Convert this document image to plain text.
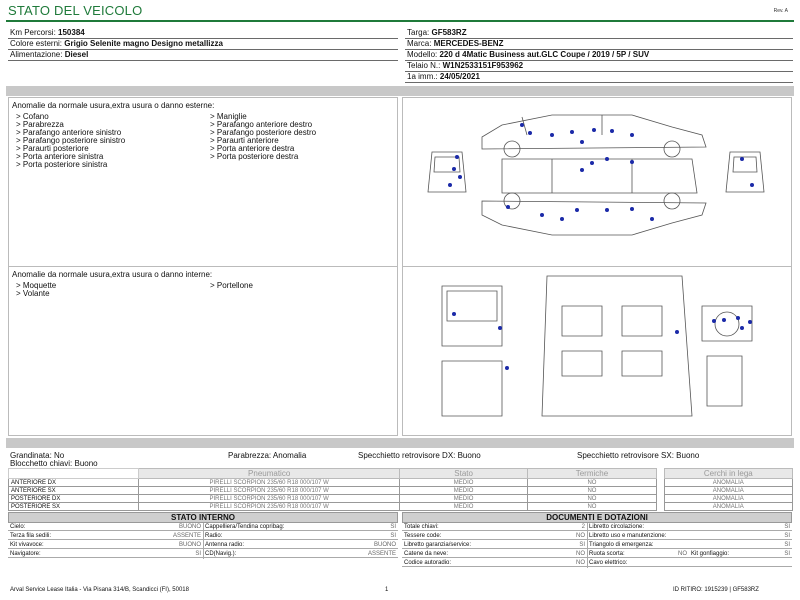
STATO DEL VEICOLO	Rev. A
Km Percorsi: 150384
Colore esterni: Grigio Selenite magno Designo metallizza
Alimentazione: Diesel
Targa: GF583RZ
Marca: MERCEDES-BENZ
Modello: 220 d 4Matic Business aut.GLC Coupe / 2019 / 5P / SUV
Telaio N.: W1N2533151F953962
1a imm.: 24/05/2021
Anomalie da normale usura,extra usura o danno esterne:
> Cofano
> Parabrezza
> Parafango anteriore sinistro
> Parafango posteriore sinistro
> Paraurti posteriore
> Porta anteriore sinistra
> Porta posteriore sinistra
> Maniglie
> Parafango anteriore destro
> Parafango posteriore destro
> Paraurti anteriore
> Porta anteriore destra
> Porta posteriore destra
Anomalie da normale usura,extra usura o danno interne:
> Moquette
> Volante
> Portellone
Grandinata: No	Parabrezza: Anomalia	Specchietto retrovisore DX: Buono	Specchietto retrovisore SX: Buono
Blocchetto chiavi: Buono
	Pneumatico	Stato	Termiche		Cerchi in lega
ANTERIORE DX	PIRELLI SCORPION 235/60 R18 000/107 W	MEDIO	NO		ANOMALIA
ANTERIORE SX	PIRELLI SCORPION 235/60 R18 000/107 W	MEDIO	NO		ANOMALIA
POSTERIORE DX	PIRELLI SCORPION 235/60 R18 000/107 W	MEDIO	NO		ANOMALIA
POSTERIORE SX	PIRELLI SCORPION 235/60 R18 000/107 W	MEDIO	NO		ANOMALIA
STATO INTERNO
Cielo:	BUONO Cappelliera/Tendina copribag:	SI
Terza fila sedili:	ASSENTE Radio:	SI
Kit vivavoce:	BUONO Antenna radio:	BUONO
Navigatore:	SI CD(Navig.):	ASSENTE
DOCUMENTI E DOTAZIONI
Totale chiavi:	2 Libretto circolazione:	SI
Tessere code:	NO Libretto uso e manutenzione:	SI
Libretto garanzia/service:	SI Triangolo di emergenza:	SI
Catene da neve:	NO Ruota scorta:	NO Kit gonfiaggio:	SI
Codice autoradio:	NO Cavo elettrico:
Arval Service Lease Italia - Via Pisana 314/B, Scandicci (FI), 50018	1	ID RITIRO: 1915239 | GF583RZ
